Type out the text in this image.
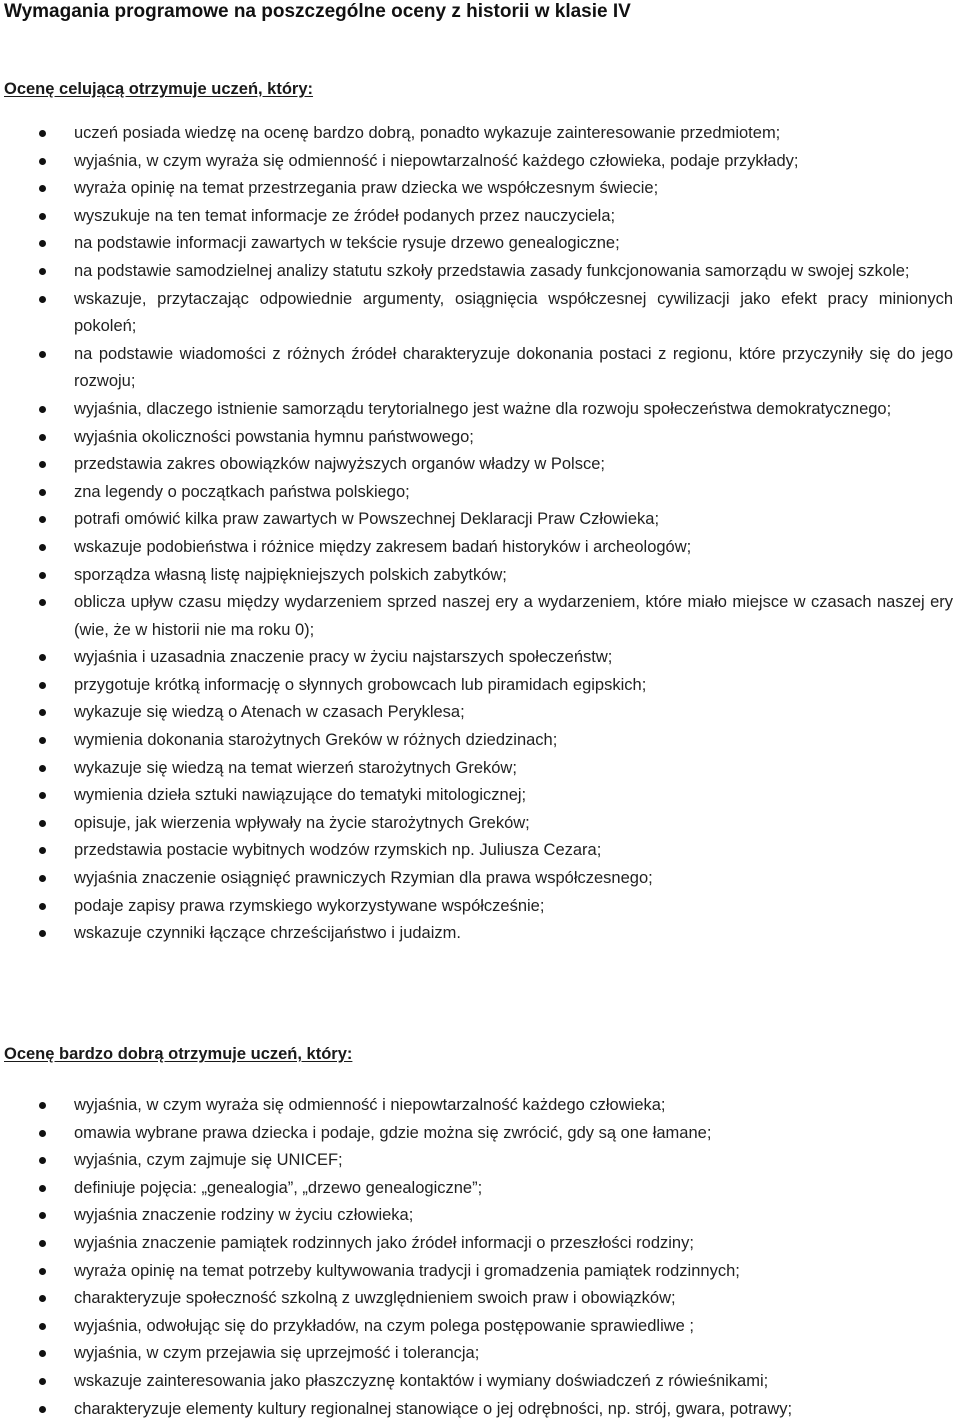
Wymagania programowe na poszczególne oceny z historii w klasie IV
Ocenę celującą otrzymuje uczeń, który:
uczeń posiada wiedzę na ocenę bardzo dobrą, ponadto wykazuje zainteresowanie przedmiotem;
wyjaśnia, w czym wyraża się odmienność i niepowtarzalność każdego człowieka, podaje przykłady;
wyraża opinię na temat przestrzegania praw dziecka we współczesnym świecie;
wyszukuje na ten temat informacje ze źródeł podanych przez nauczyciela;
na podstawie informacji zawartych w tekście rysuje drzewo genealogiczne;
na podstawie samodzielnej analizy statutu szkoły przedstawia zasady funkcjonowania samorządu w swojej szkole;
wskazuje, przytaczając odpowiednie argumenty, osiągnięcia współczesnej cywilizacji jako efekt pracy minionych pokoleń;
na podstawie wiadomości z różnych źródeł charakteryzuje dokonania postaci z regionu, które przyczyniły się do jego rozwoju;
wyjaśnia, dlaczego istnienie samorządu terytorialnego jest ważne dla rozwoju społeczeństwa demokratycznego;
wyjaśnia okoliczności powstania hymnu państwowego;
przedstawia zakres obowiązków najwyższych organów władzy w Polsce;
zna legendy o początkach państwa polskiego;
potrafi omówić kilka praw zawartych w Powszechnej Deklaracji Praw Człowieka;
wskazuje podobieństwa i różnice między zakresem badań historyków i archeologów;
sporządza własną listę najpiękniejszych polskich zabytków;
oblicza upływ czasu między wydarzeniem sprzed naszej ery a wydarzeniem, które miało miejsce w czasach naszej ery (wie, że w historii nie ma roku 0);
wyjaśnia i uzasadnia znaczenie pracy w życiu najstarszych społeczeństw;
przygotuje krótką informację o słynnych grobowcach lub piramidach egipskich;
wykazuje się wiedzą o Atenach w czasach Peryklesa;
wymienia dokonania starożytnych Greków w różnych dziedzinach;
wykazuje się wiedzą na temat wierzeń starożytnych Greków;
wymienia dzieła sztuki nawiązujące do tematyki mitologicznej;
opisuje, jak wierzenia wpływały na życie starożytnych Greków;
przedstawia postacie wybitnych wodzów rzymskich np. Juliusza Cezara;
wyjaśnia znaczenie osiągnięć prawniczych Rzymian dla prawa współczesnego;
podaje zapisy prawa rzymskiego wykorzystywane współcześnie;
wskazuje czynniki łączące chrześcijaństwo i judaizm.
Ocenę bardzo dobrą otrzymuje uczeń, który:
wyjaśnia, w czym wyraża się odmienność i niepowtarzalność każdego człowieka;
omawia wybrane prawa dziecka i podaje, gdzie można się zwrócić, gdy są one łamane;
wyjaśnia, czym zajmuje się UNICEF;
definiuje pojęcia: „genealogia”, „drzewo genealogiczne”;
wyjaśnia znaczenie rodziny w życiu człowieka;
wyjaśnia znaczenie pamiątek rodzinnych jako źródeł informacji o przeszłości rodziny;
wyraża opinię na temat potrzeby kultywowania tradycji i gromadzenia pamiątek rodzinnych;
charakteryzuje społeczność szkolną z uwzględnieniem swoich praw i obowiązków;
wyjaśnia, odwołując się do przykładów, na czym polega postępowanie sprawiedliwe ;
wyjaśnia, w czym przejawia się uprzejmość i tolerancja;
wskazuje zainteresowania jako płaszczyznę kontaktów i wymiany doświadczeń z rówieśnikami;
charakteryzuje elementy kultury regionalnej stanowiące o jej odrębności, np. strój, gwara, potrawy;
